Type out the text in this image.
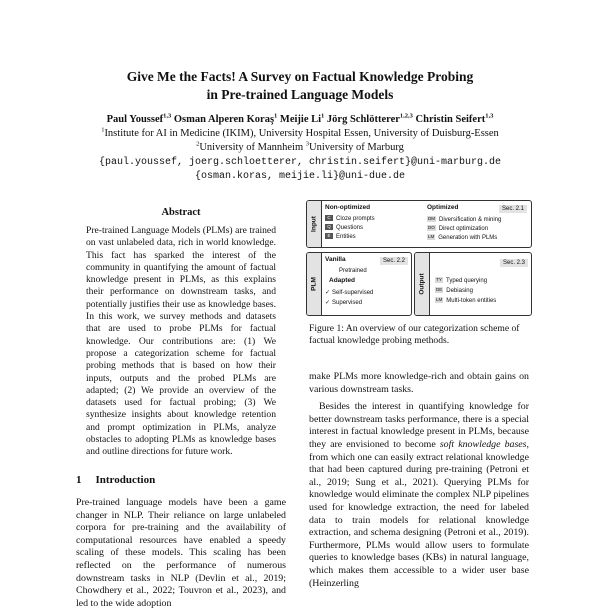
Give Me the Facts! A Survey on Factual Knowledge Probing
in Pre-trained Language Models
Paul Youssef$^{1,3}$ Osman Alperen Koraş$^1$ Meijie Li$^1$ Jörg Schlötterer$^{1,2,3}$ Christin Seifert$^{1,3}$
$^1$Institute for AI in Medicine (IKIM), University Hospital Essen, University of Duisburg-Essen
$^2$University of Mannheim $^3$University of Marburg
{paul.youssef, joerg.schloetterer, christin.seifert}@uni-marburg.de
{osman.koras, meijie.li}@uni-due.de
Abstract
Pre-trained Language Models (PLMs) are trained on vast unlabeled data, rich in world knowledge. This fact has sparked the interest of the community in quantifying the amount of factual knowledge present in PLMs, as this explains their performance on downstream tasks, and potentially justifies their use as knowledge bases. In this work, we survey methods and datasets that are used to probe PLMs for factual knowledge. Our contributions are: (1) We propose a categorization scheme for factual probing methods that is based on how their inputs, outputs and the probed PLMs are adapted; (2) We provide an overview of the datasets used for factual probing; (3) We synthesize insights about knowledge retention and prompt optimization in PLMs, analyze obstacles to adopting PLMs as knowledge bases and outline directions for future work.
1 Introduction
Pre-trained language models have been a game changer in NLP. Their reliance on large unlabeled corpora for pre-training and the availability of computational resources have enabled a speedy scaling of these models. This scaling has been reflected on the performance of numerous downstream tasks in NLP (Devlin et al., 2019; Chowdhery et al., 2022; Touvron et al., 2023), and led to the wide adoption
Input
Non-optimized	Optimized	Sec. 2.1
C Cloze prompts
Q Questions
E Entities
DM Diversification & mining
DO Direct optimization
LM Generation with PLMs
PLM
Vanilla	Sec. 2.2
Pretrained
Adapted
✓ Self-supervised
✓ Supervised
Output
Sec. 2.3
TY Typed querying
DE Debiasing
LM Multi-token entities
Figure 1: An overview of our categorization scheme of factual knowledge probing methods.

make PLMs more knowledge-rich and obtain gains on various downstream tasks.

Besides the interest in quantifying knowledge for better downstream tasks performance, there is a special interest in factual knowledge present in PLMs, because they are envisioned to become soft knowledge bases, from which one can easily extract relational knowledge that had been captured during pre-training (Petroni et al., 2019; Sung et al., 2021). Querying PLMs for knowledge would eliminate the complex NLP pipelines used for knowledge extraction, the need for labeled data to train models for relational knowledge extraction, and schema designing (Petroni et al., 2019). Furthermore, PLMs would allow users to formulate queries to knowledge bases (KBs) in natural language, which makes them accessible to a wider user base (Heinzerling
